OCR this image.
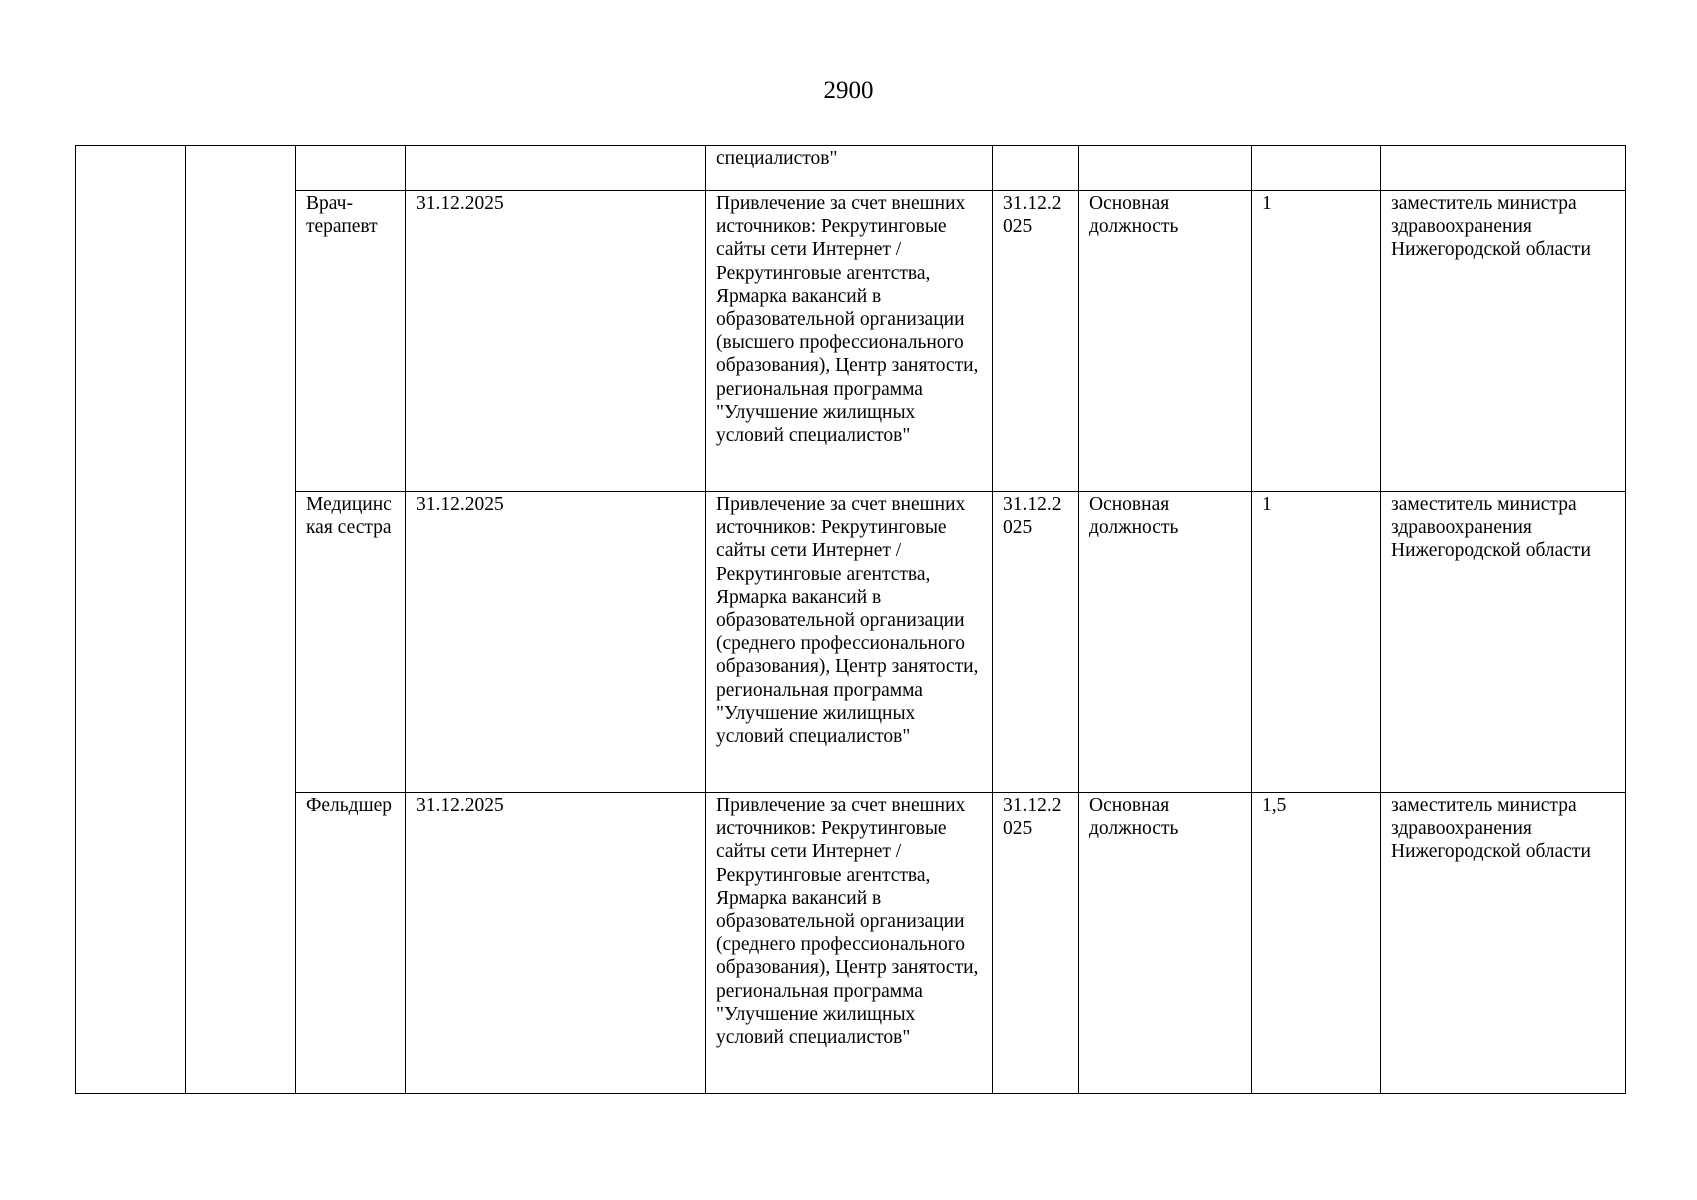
2900
				специалистов"				
		Врач-терапевт	31.12.2025	Привлечение за счет внешних источников: Рекрутинговые сайты сети Интернет / Рекрутинговые агентства, Ярмарка вакансий в образовательной организации (высшего профессионального образования), Центр занятости, региональная программа "Улучшение жилищных условий специалистов"	31.12.2025	Основная должность	1	заместитель министра здравоохранения Нижегородской области
		Медицинская сестра	31.12.2025	Привлечение за счет внешних источников: Рекрутинговые сайты сети Интернет / Рекрутинговые агентства, Ярмарка вакансий в образовательной организации (среднего профессионального образования), Центр занятости, региональная программа "Улучшение жилищных условий специалистов"	31.12.2025	Основная должность	1	заместитель министра здравоохранения Нижегородской области
		Фельдшер	31.12.2025	Привлечение за счет внешних источников: Рекрутинговые сайты сети Интернет / Рекрутинговые агентства, Ярмарка вакансий в образовательной организации (среднего профессионального образования), Центр занятости, региональная программа "Улучшение жилищных условий специалистов"	31.12.2025	Основная должность	1,5	заместитель министра здравоохранения Нижегородской области
